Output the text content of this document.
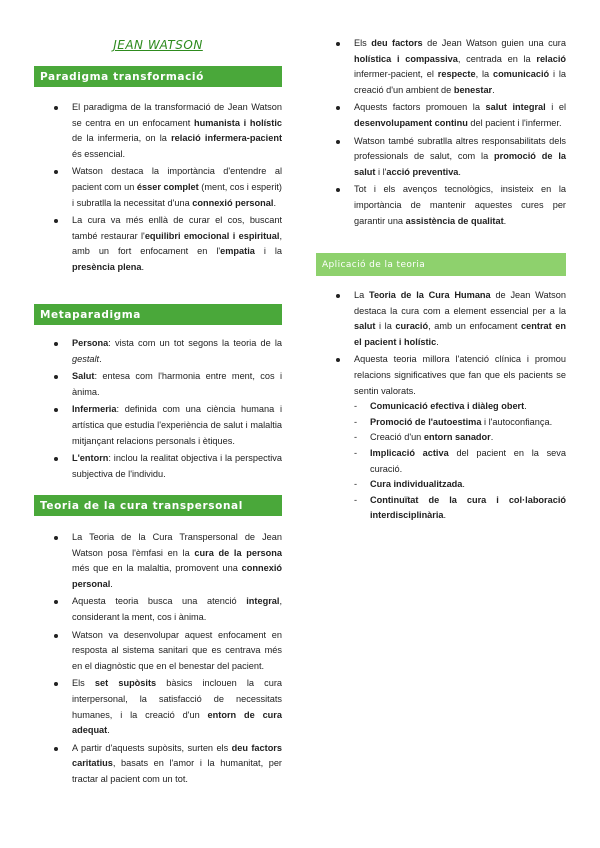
JEAN WATSON
Paradigma transformació
El paradigma de la transformació de Jean Watson se centra en un enfocament humanista i holístic de la infermeria, on la relació infermera-pacient és essencial.
Watson destaca la importància d'entendre al pacient com un ésser complet (ment, cos i esperit) i subratlla la necessitat d'una connexió personal.
La cura va més enllà de curar el cos, buscant també restaurar l'equilibri emocional i espiritual, amb un fort enfocament en l'empatia i la presència plena.
Metaparadigma
Persona: vista com un tot segons la teoria de la gestalt.
Salut: entesa com l'harmonia entre ment, cos i ànima.
Infermeria: definida com una ciència humana i artística que estudia l'experiència de salut i malaltia mitjançant relacions personals i ètiques.
L'entorn: inclou la realitat objectiva i la perspectiva subjectiva de l'individu.
Teoria de la cura transpersonal
La Teoria de la Cura Transpersonal de Jean Watson posa l'èmfasi en la cura de la persona més que en la malaltia, promovent una connexió personal.
Aquesta teoria busca una atenció integral, considerant la ment, cos i ànima.
Watson va desenvolupar aquest enfocament en resposta al sistema sanitari que es centrava més en el diagnòstic que en el benestar del pacient.
Els set supòsits bàsics inclouen la cura interpersonal, la satisfacció de necessitats humanes, i la creació d'un entorn de cura adequat.
A partir d'aquests supòsits, surten els deu factors caritatius, basats en l'amor i la humanitat, per tractar al pacient com un tot.
Els deu factors de Jean Watson guien una cura holística i compassiva, centrada en la relació infermer-pacient, el respecte, la comunicació i la creació d'un ambient de benestar.
Aquests factors promouen la salut integral i el desenvolupament continu del pacient i l'infermer.
Watson també subratlla altres responsabilitats dels professionals de salut, com la promoció de la salut i l'acció preventiva.
Tot i els avenços tecnològics, insisteix en la importància de mantenir aquestes cures per garantir una assistència de qualitat.
Aplicació de la teoria
La Teoria de la Cura Humana de Jean Watson destaca la cura com a element essencial per a la salut i la curació, amb un enfocament centrat en el pacient i holístic.
Aquesta teoria millora l'atenció clínica i promou relacions significatives que fan que els pacients se sentin valorats.
- Comunicació efectiva i diàleg obert.
- Promoció de l'autoestima i l'autoconfiança.
- Creació d'un entorn sanador.
- Implicació activa del pacient en la seva curació.
- Cura individualitzada.
- Continuïtat de la cura i col·laboració interdisciplinària.
